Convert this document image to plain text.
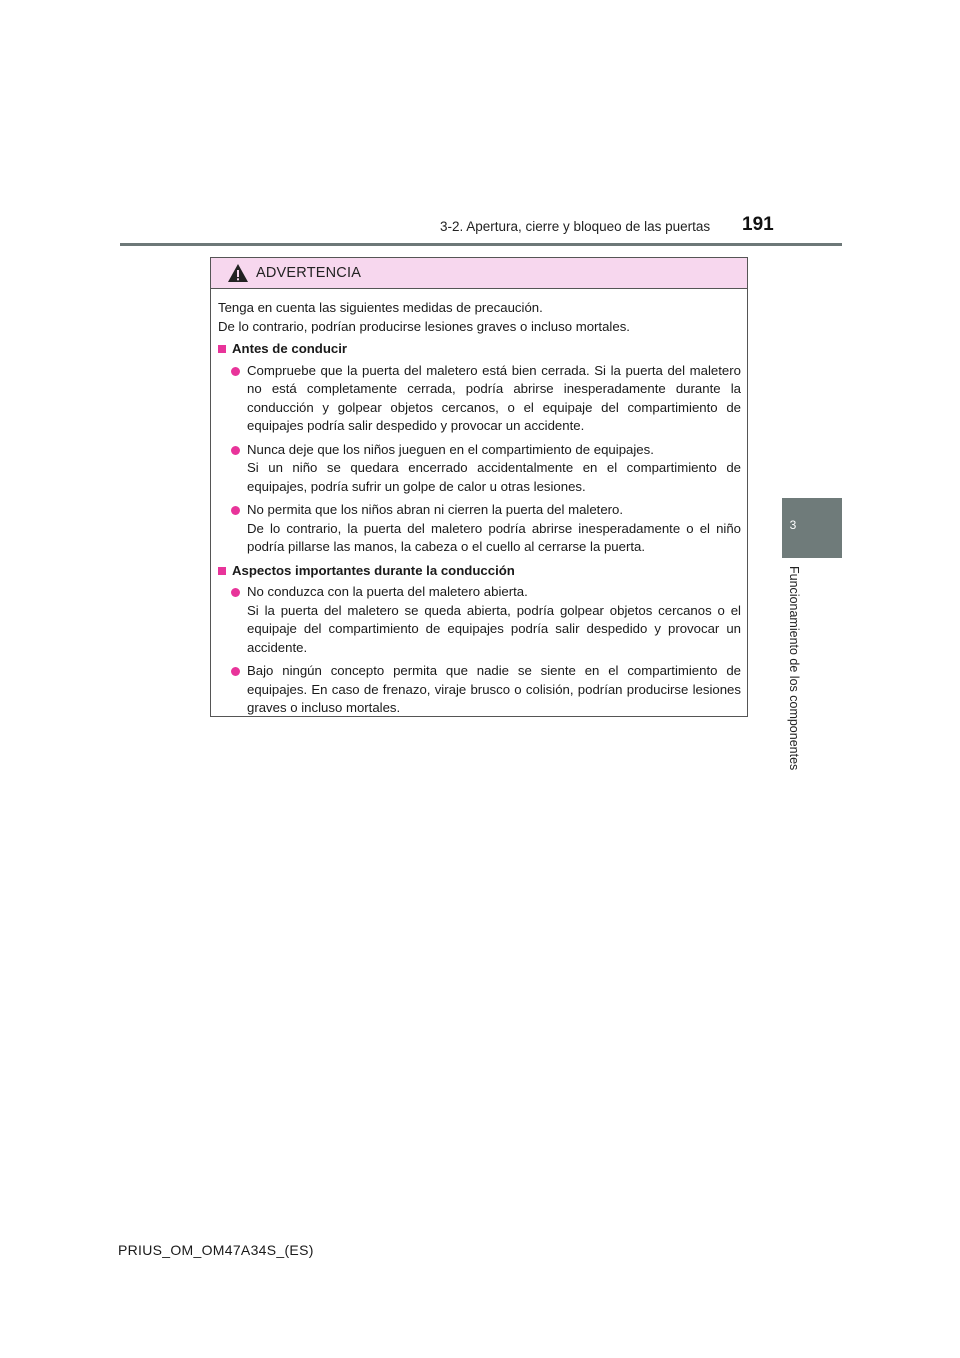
3-2. Apertura, cierre y bloqueo de las puertas 191
3
Funcionamiento de los componentes
ADVERTENCIA

Tenga en cuenta las siguientes medidas de precaución.

De lo contrario, podrían producirse lesiones graves o incluso mortales.

Antes de conducir

Compruebe que la puerta del maletero está bien cerrada. Si la puerta del maletero no está completamente cerrada, podría abrirse inesperadamente durante la conducción y golpear objetos cercanos, o el equipaje del compartimiento de equipajes podría salir despedido y provocar un accidente.

Nunca deje que los niños jueguen en el compartimiento de equipajes.

Si un niño se quedara encerrado accidentalmente en el compartimiento de equipajes, podría sufrir un golpe de calor u otras lesiones.

No permita que los niños abran ni cierren la puerta del maletero.

De lo contrario, la puerta del maletero podría abrirse inesperadamente o el niño podría pillarse las manos, la cabeza o el cuello al cerrarse la puerta.

Aspectos importantes durante la conducción

No conduzca con la puerta del maletero abierta.

Si la puerta del maletero se queda abierta, podría golpear objetos cercanos o el equipaje del compartimiento de equipajes podría salir despedido y provocar un accidente.

Bajo ningún concepto permita que nadie se siente en el compartimiento de equipajes. En caso de frenazo, viraje brusco o colisión, podrían producirse lesiones graves o incluso mortales.

PRIUS_OM_OM47A34S_(ES)
